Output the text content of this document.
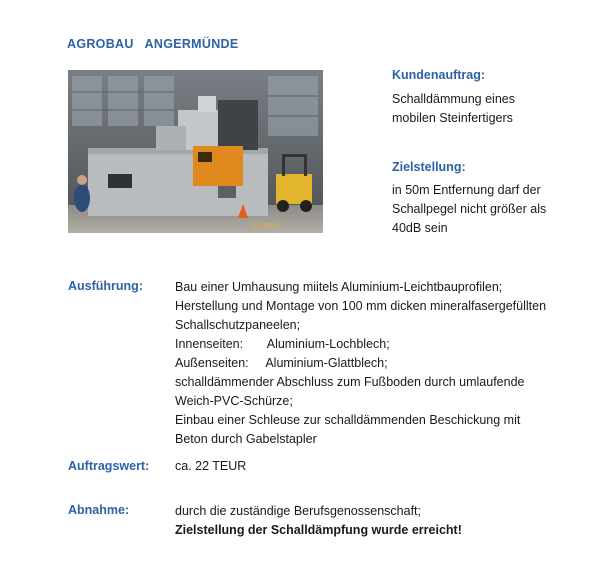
AGROBAU   ANGERMÜNDE
22 6393
Kundenauftrag:
Schalldämmung eines
mobilen Steinfertigers
Zielstellung:
in 50m Entfernung darf der
Schallpegel nicht größer als
40dB sein
Ausführung:	Bau einer Umhausung miitels Aluminium-Leichtbauprofilen;
Herstellung und Montage von 100 mm dicken mineralfasergefüllten
Schallschutzpaneelen;
Innenseiten:       Aluminium-Lochblech;
Außenseiten:     Aluminium-Glattblech;
schalldämmender Abschluss zum Fußboden durch umlaufende
Weich-PVC-Schürze;
Einbau einer Schleuse zur schalldämmenden Beschickung mit
Beton durch Gabelstapler
Auftragswert: ca. 22 TEUR
Abnahme:	durch die zuständige Berufsgenossenschaft;
Zielstellung der Schalldämpfung wurde erreicht!
